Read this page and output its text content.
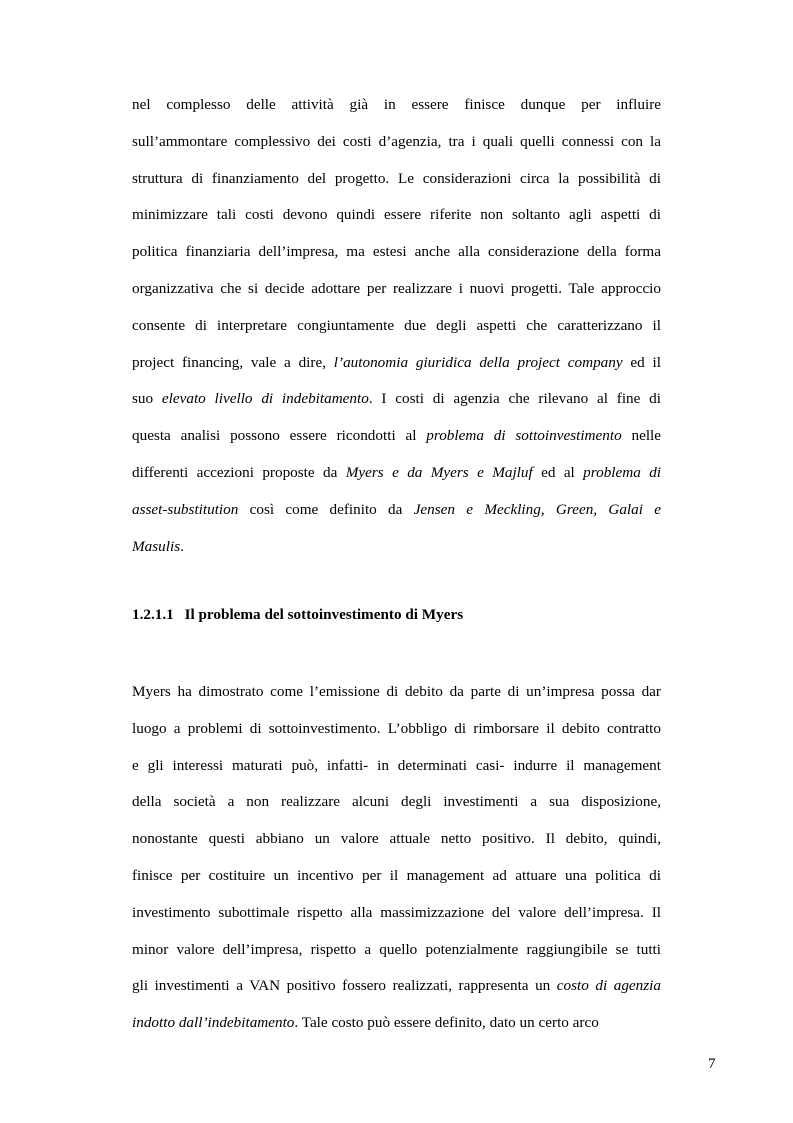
nel complesso delle attività già in essere finisce dunque per influire
sull’ammontare complessivo dei costi d’agenzia, tra i quali quelli connessi con la
struttura di finanziamento del progetto. Le considerazioni circa la possibilità di
minimizzare tali costi devono quindi essere riferite non soltanto agli aspetti di
politica finanziaria dell’impresa, ma estesi anche alla considerazione della forma
organizzativa che si decide adottare per realizzare i nuovi progetti. Tale approccio
consente di interpretare congiuntamente due degli aspetti che caratterizzano il
project financing, vale a dire, l’autonomia giuridica della project company ed il
suo elevato livello di indebitamento. I costi di agenzia che rilevano al fine di
questa analisi possono essere ricondotti al problema di sottoinvestimento nelle
differenti accezioni proposte da Myers e da Myers e Majluf ed al problema di
asset-substitution così come definito da Jensen e Meckling, Green, Galai e
Masulis.
1.2.1.1 Il problema del sottoinvestimento di Myers
Myers ha dimostrato come l’emissione di debito da parte di un’impresa possa dar
luogo a problemi di sottoinvestimento. L’obbligo di rimborsare il debito contratto
e gli interessi maturati può, infatti- in determinati casi- indurre il management
della società a non realizzare alcuni degli investimenti a sua disposizione,
nonostante questi abbiano un valore attuale netto positivo. Il debito, quindi,
finisce per costituire un incentivo per il management ad attuare una politica di
investimento subottimale rispetto alla massimizzazione del valore dell’impresa. Il
minor valore dell’impresa, rispetto a quello potenzialmente raggiungibile se tutti
gli investimenti a VAN positivo fossero realizzati, rappresenta un costo di agenzia
indotto dall’indebitamento. Tale costo può essere definito, dato un certo arco
7
